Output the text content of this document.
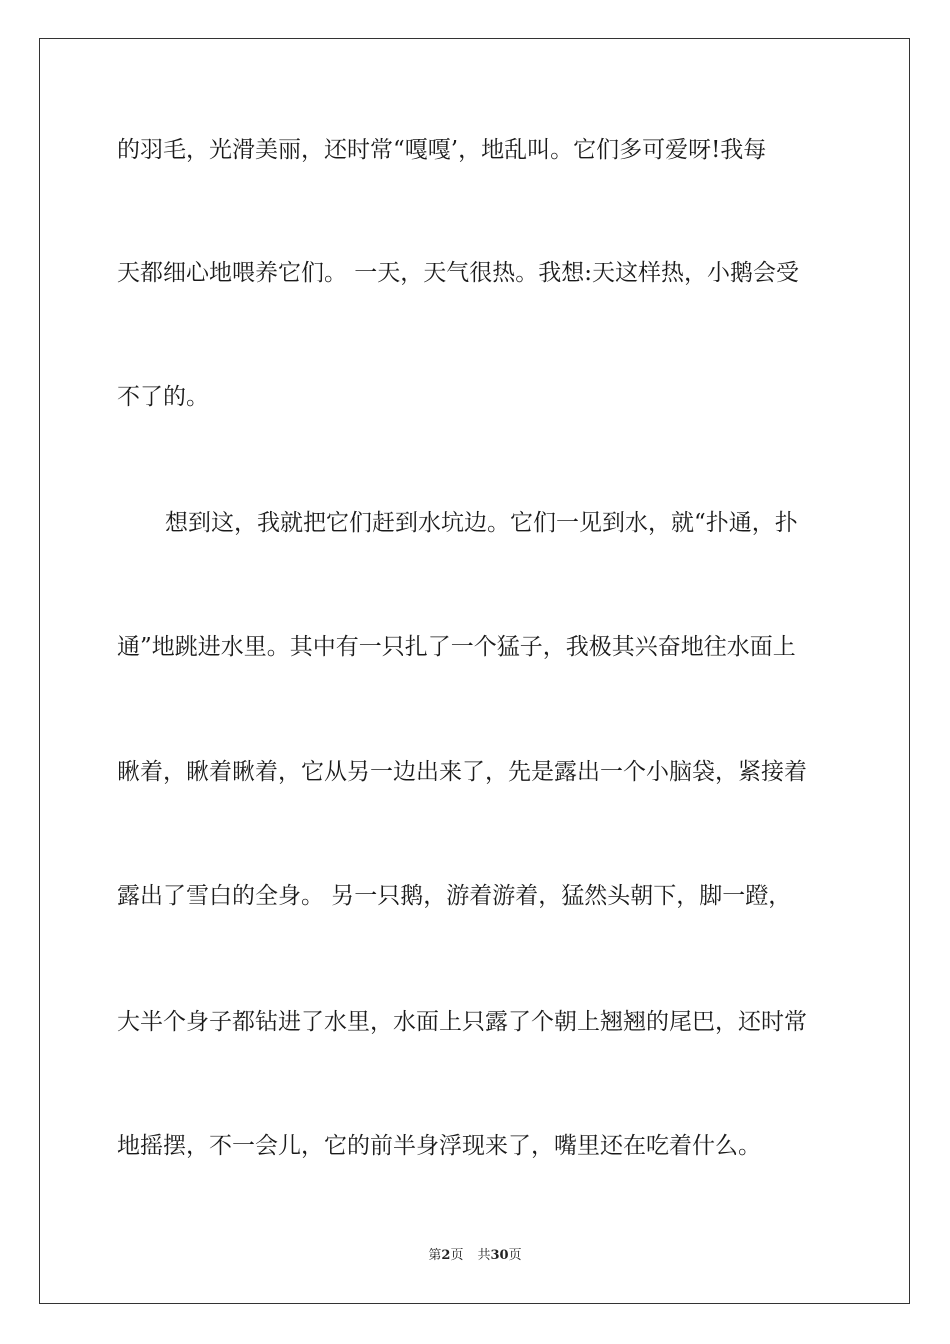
的羽毛，光滑美丽，还时常“嘎嘎’，地乱叫。它们多可爱呀!我每
天都细心地喂养它们。 一天，天气很热。我想:天这样热，小鹅会受
不了的。
想到这，我就把它们赶到水坑边。它们一见到水，就“扑通，扑
通”地跳进水里。其中有一只扎了一个猛子，我极其兴奋地往水面上
瞅着，瞅着瞅着，它从另一边出来了，先是露出一个小脑袋，紧接着
露出了雪白的全身。 另一只鹅，游着游着，猛然头朝下，脚一蹬，
大半个身子都钻进了水里，水面上只露了个朝上翘翘的尾巴，还时常
地摇摆，不一会儿，它的前半身浮现来了，嘴里还在吃着什么。
第2页 共30页
